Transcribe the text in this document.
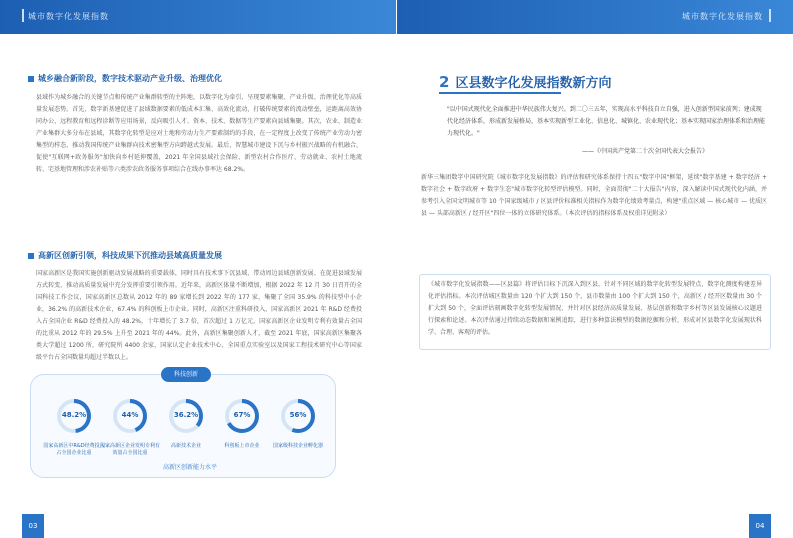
城市数字化发展指数
城乡融合新阶段，数字技术驱动产业升级、治理优化
县域作为城乡融合的关键节点和传统产业集群转型的主阵地，以数字化为牵引，呈现要素集聚、产业升级、治理优化等高质量发展态势。首先，数字新基建促进了县域数据要素的低成本汇集、高效化流动，打破传统要素的流动壁垒，运距离高效协同办公、远程教育和远程诊断等应用场景，反向吸引人才、资本、技术、数据等生产要素向县域集聚。其次，农业、制造业产业集群大多分布在县域，其数字化转型是应对土地和劳动力生产要素制约的手段，在一定程度上改变了传统产业劳动力密集型的样态，推动我国传统产业集群向技术密集型方向跨越式发展。最后，智慧城市建设下沉与乡村振兴战略的有机融合，促使"互联网+政务服务"加快向乡村延伸覆盖，2021 年全国县域社会保险、新型农村合作医疗、劳动就业、农村土地流转、宅基地管理和涉农补贴等六类涉农政务服务事项综合在线办事率达 68.2%。
高新区创新引领，科技成果下沉推动县域高质量发展
国家高新区是我国实施创新驱动发展战略的重要载体，同时具有技术事下沉县域，带动周边县域创新发展、在促进县域发展方式转变、推动高质量发展中充分发挥重要引领作用。近年来，高新区体量不断增加，根据 2022 年 12 月 30 日召开的全国科技工作会议，国家高新区总数从 2012 年的 89 家增长到 2022 年的 177 家，集聚了全国 35.9% 的科技型中小企业，36.2% 的高新技术企业，67.4% 的科创板上市企业。同时，高新区注重科研投入，国家高新区 2021 年 R&D 经费投入占全国企业 R&D 经费投入的 48.2%，十年增长了 3.7 倍，首次超过 1 万亿元，国家高新区企业发明专利有效量占全国的比重从 2012 年的 29.5% 上升至 2021 年的 44%。此外，高新区集聚创新人才，截至 2021 年底，国家高新区集聚各类大学超过 1200 所，研究院所 4400 余家，国家认定企业技术中心、全国重点实验室以及国家工程技术研究中心等国家级平台占全国数量均超过半数以上。
科技创新
48.2%
国家高新区中R&D经费投入占全国企业比重
44%
国家高新区企业发明专利有效量占全国比重
36.2%
高新技术企业
67%
科创板上市企业
56%
国家级科技企业孵化器
高新区创新能力水平
03
城市数字化发展指数
2 区县数字化发展指数新方向
"以中国式现代化全面推进中华民族伟大复兴。到二〇三五年，实现高水平科技自立自强，进入创新型国家前列；建成现代化经济体系，形成新发展格局，基本实现新型工业化、信息化、城镇化、农业现代化；基本实现国家治理体系和治理能力现代化。"
——《中国共产党第二十次全国代表大会报告》
新华三集团数字中国研究院《城市数字化发展指数》的评估和研究体系保持十四五"数字中国"框架，延续"数字基建 + 数字经济 + 数字社会 + 数字政府 + 数字生态"城市数字化转型评估模型。同时，全面贯彻"二十大报告"内容，深入解读中国式现代化内涵，并参考引入全国文明城市等 10 个国家级城市 / 区县评价标准相关指标作为数字化绩效考量点，构建"重点区域 — 核心城市 — 优质区县 — 头部高新区 / 经开区"四位一体的立体研究体系。（本次评估的指标体系及权重详见附录）
《城市数字化发展指数——区县篇》将评估目标下沉深入到区县，针对不同区域的数字化转型发展特点，数字化测度构建差异化评估指标。本次评估城区数量由 120 个扩大到 150 个，县市数量由 100 个扩大到 150 个，高新区 / 经开区数量由 30 个扩大到 50 个，全面评估刻画数字化转型发展情况，并针对区县经济高质量发展、基层创新和数字乡村等区县发展核心议题进行探索和论述。本次评估通过持续动态数据和案例追踪，进行多种算法模型的数据挖掘和分析，形成对区县数字化发展现状科学、合理、客观的评估。
04
